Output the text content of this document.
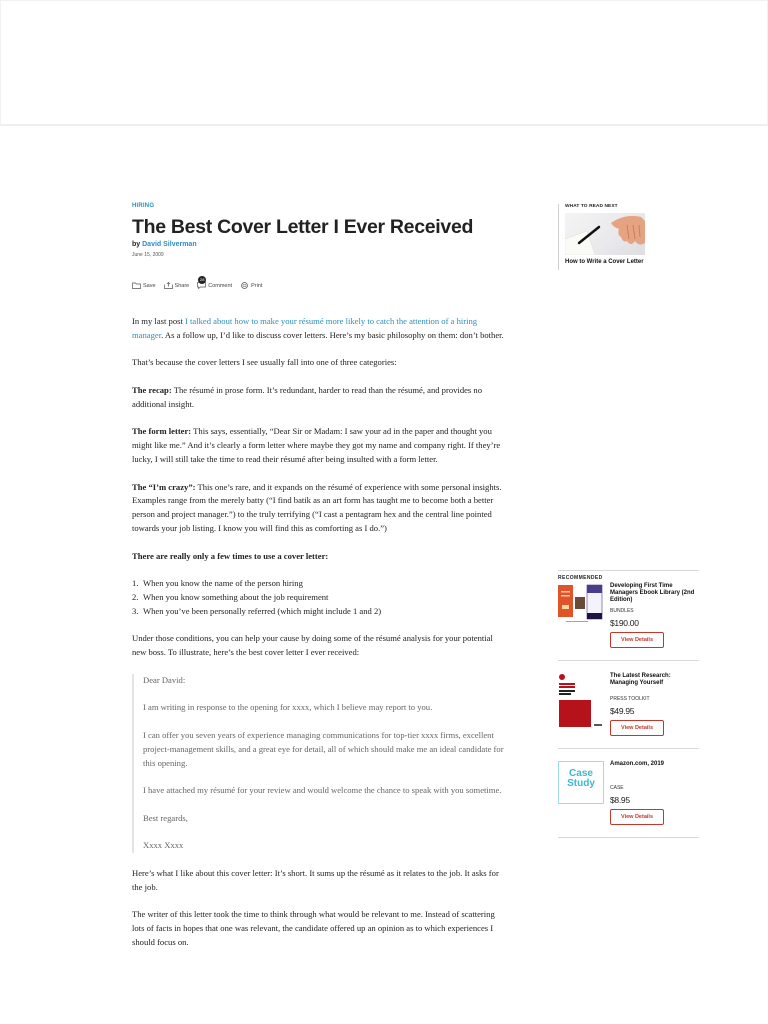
HIRING
The Best Cover Letter I Ever Received
by David Silverman
June 15, 2009
Save	Share
28
Comment	Print

In my last post I talked about how to make your résumé more likely to catch the attention of a hiring manager. As a follow up, I’d like to discuss cover letters. Here’s my basic philosophy on them: don’t bother.

That’s because the cover letters I see usually fall into one of three categories:

The recap: The résumé in prose form. It’s redundant, harder to read than the résumé, and provides no additional insight.

The form letter: This says, essentially, “Dear Sir or Madam: I saw your ad in the paper and thought you might like me.” And it’s clearly a form letter where maybe they got my name and company right. If they’re lucky, I will still take the time to read their résumé after being insulted with a form letter.

The “I’m crazy”: This one’s rare, and it expands on the résumé of experience with some personal insights. Examples range from the merely batty (“I find batik as an art form has taught me to become both a better person and project manager.”) to the truly terrifying (“I cast a pentagram hex and the central line pointed towards your job listing. I know you will find this as comforting as I do.”)

There are really only a few times to use a cover letter:

1. When you know the name of the person hiring
2. When you know something about the job requirement
3. When you’ve been personally referred (which might include 1 and 2)

Under those conditions, you can help your cause by doing some of the résumé analysis for your potential new boss. To illustrate, here’s the best cover letter I ever received:

Dear David:

I am writing in response to the opening for xxxx, which I believe may report to you.

I can offer you seven years of experience managing communications for top-tier xxxx firms, excellent project-management skills, and a great eye for detail, all of which should make me an ideal candidate for this opening.

I have attached my résumé for your review and would welcome the chance to speak with you sometime.

Best regards,

Xxxx Xxxx

Here’s what I like about this cover letter: It’s short. It sums up the résumé as it relates to the job. It asks for the job.

The writer of this letter took the time to think through what would be relevant to me. Instead of scattering lots of facts in hopes that one was relevant, the candidate offered up an opinion as to which experiences I should focus on.

WHAT TO READ NEXT
How to Write a Cover Letter
RECOMMENDED
Developing First Time Managers Ebook Library (2nd Edition)
BUNDLES
$190.00
View Details
The Latest Research: Managing Yourself
PRESS TOOLKIT
$49.95
View Details
Case
Study
Amazon.com, 2019
CASE
$8.95
View Details
